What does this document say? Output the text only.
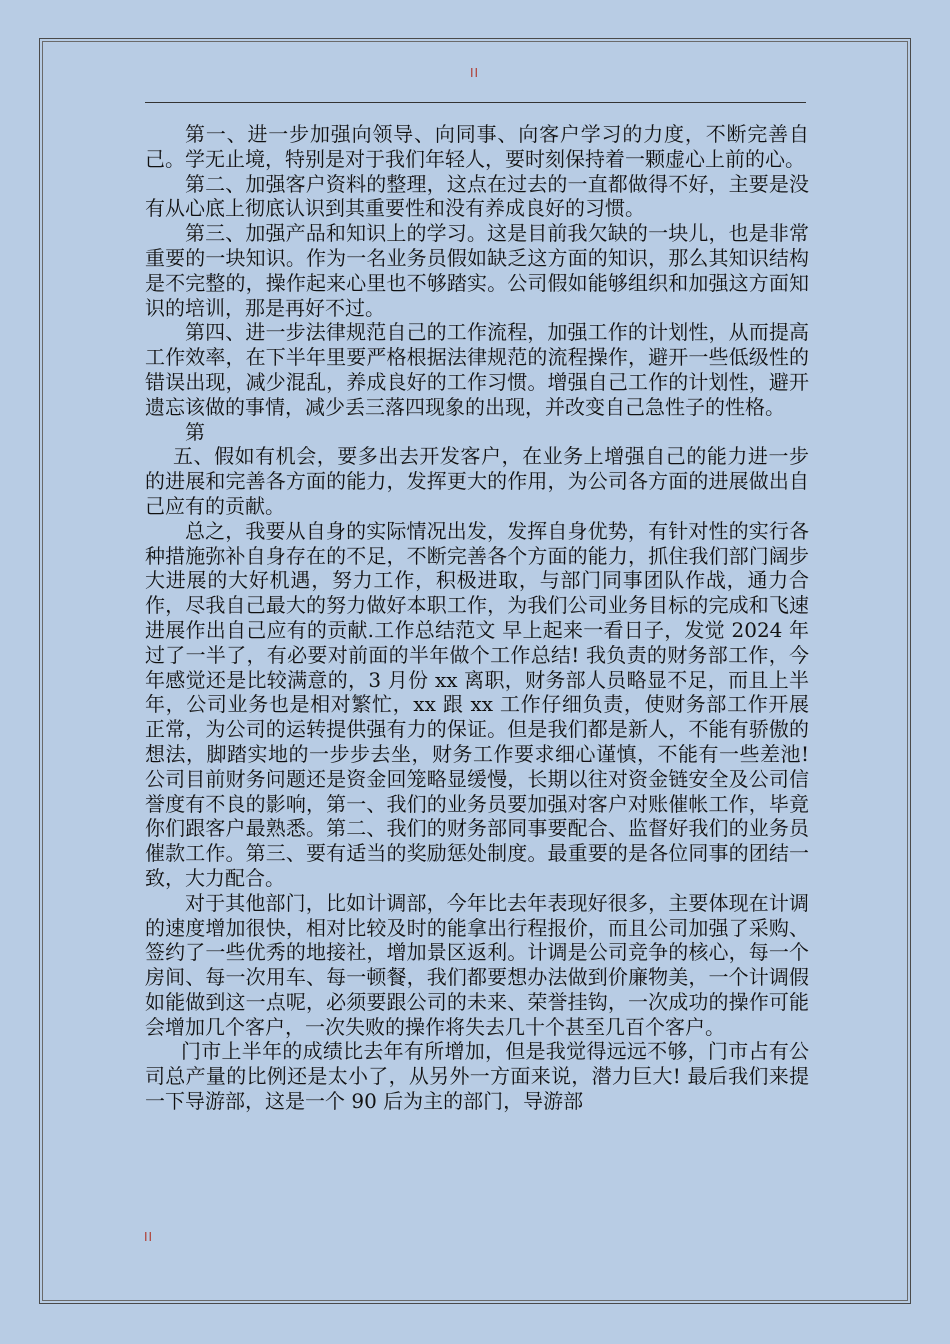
II

第一、进一步加强向领导、向同事、向客户学习的力度，不断完善自己。学无止境，特别是对于我们年轻人，要时刻保持着一颗虚心上前的心。

第二、加强客户资料的整理，这点在过去的一直都做得不好，主要是没有从心底上彻底认识到其重要性和没有养成良好的习惯。

第三、加强产品和知识上的学习。这是目前我欠缺的一块儿，也是非常重要的一块知识。作为一名业务员假如缺乏这方面的知识，那么其知识结构是不完整的，操作起来心里也不够踏实。公司假如能够组织和加强这方面知识的培训，那是再好不过。

第四、进一步法律规范自己的工作流程，加强工作的计划性，从而提高工作效率，在下半年里要严格根据法律规范的流程操作，避开一些低级性的错误出现，减少混乱，养成良好的工作习惯。增强自己工作的计划性，避开遗忘该做的事情，减少丢三落四现象的出现，并改变自己急性子的性格。

第

五、假如有机会，要多出去开发客户，在业务上增强自己的能力进一步的进展和完善各方面的能力，发挥更大的作用，为公司各方面的进展做出自己应有的贡献。

总之，我要从自身的实际情况出发，发挥自身优势，有针对性的实行各种措施弥补自身存在的不足，不断完善各个方面的能力，抓住我们部门阔步大进展的大好机遇，努力工作，积极进取，与部门同事团队作战，通力合作，尽我自己最大的努力做好本职工作，为我们公司业务目标的完成和飞速进展作出自己应有的贡献.工作总结范文 早上起来一看日子，发觉 2024 年过了一半了，有必要对前面的半年做个工作总结! 我负责的财务部工作，今年感觉还是比较满意的，3 月份 xx 离职，财务部人员略显不足，而且上半年，公司业务也是相对繁忙，xx 跟 xx 工作仔细负责，使财务部工作开展正常，为公司的运转提供强有力的保证。但是我们都是新人，不能有骄傲的想法，脚踏实地的一步步去坐，财务工作要求细心谨慎，不能有一些差池! 公司目前财务问题还是资金回笼略显缓慢，长期以往对资金链安全及公司信誉度有不良的影响，第一、我们的业务员要加强对客户对账催帐工作，毕竟你们跟客户最熟悉。第二、我们的财务部同事要配合、监督好我们的业务员催款工作。第三、要有适当的奖励惩处制度。最重要的是各位同事的团结一致，大力配合。

对于其他部门，比如计调部，今年比去年表现好很多，主要体现在计调的速度增加很快，相对比较及时的能拿出行程报价，而且公司加强了采购、签约了一些优秀的地接社，增加景区返利。计调是公司竞争的核心，每一个房间、每一次用车、每一顿餐，我们都要想办法做到价廉物美，一个计调假如能做到这一点呢，必须要跟公司的未来、荣誉挂钩，一次成功的操作可能会增加几个客户，一次失败的操作将失去几十个甚至几百个客户。

门市上半年的成绩比去年有所增加，但是我觉得远远不够，门市占有公司总产量的比例还是太小了，从另外一方面来说，潜力巨大! 最后我们来提一下导游部，这是一个 90 后为主的部门，导游部

II
